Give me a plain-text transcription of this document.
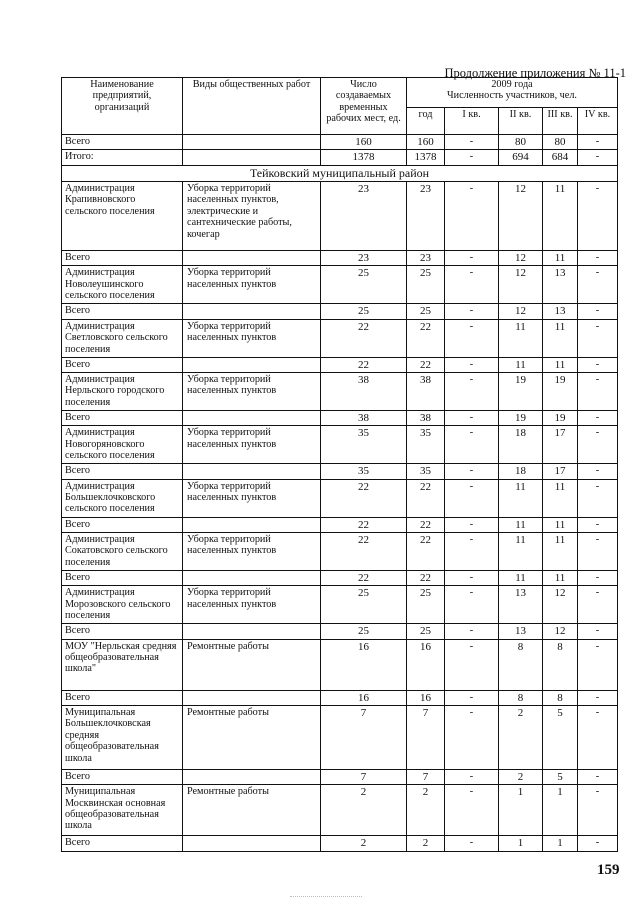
Продолжение приложения № 11-1
Наименование предприятий, организаций	Виды общественных работ	Число создаваемых временных рабочих мест, ед.	2009 года
Численность участников, чел.				

			год	I кв.	II кв.	III кв.	IV кв.
Всего		160	160	-	80	80	-
Итого:		1378	1378	-	694	684	-
Тейковский муниципальный район							
Администрация Крапивновского сельского поселения	Уборка территорий населенных пунктов, электрические и сантехнические работы, кочегар	23	23	-	12	11	-
Всего		23	23	-	12	11	-
Администрация Новолеушинского сельского поселения	Уборка территорий населенных пунктов	25	25	-	12	13	-
Всего		25	25	-	12	13	-
Администрация Светловского сельского поселения	Уборка территорий населенных пунктов	22	22	-	11	11	-
Всего		22	22	-	11	11	-
Администрация Нерльского городского поселения	Уборка территорий населенных пунктов	38	38	-	19	19	-
Всего		38	38	-	19	19	-
Администрация Новогоряновского сельского поселения	Уборка территорий населенных пунктов	35	35	-	18	17	-
Всего		35	35	-	18	17	-
Администрация Большеклочковского сельского поселения	Уборка территорий населенных пунктов	22	22	-	11	11	-
Всего		22	22	-	11	11	-
Администрация Сокатовского сельского поселения	Уборка территорий населенных пунктов	22	22	-	11	11	-
Всего		22	22	-	11	11	-
Администрация Морозовского сельского поселения	Уборка территорий населенных пунктов	25	25	-	13	12	-
Всего		25	25	-	13	12	-
МОУ "Нерльская средняя общеобразовательная школа"	Ремонтные работы	16	16	-	8	8	-
Всего		16	16	-	8	8	-
Муниципальная Большеклочковская средняя общеобразовательная школа	Ремонтные работы	7	7	-	2	5	-
Всего		7	7	-	2	5	-
Муниципальная Москвинская основная общеобразовательная школа	Ремонтные работы	2	2	-	1	1	-
Всего		2	2	-	1	1	-
159
